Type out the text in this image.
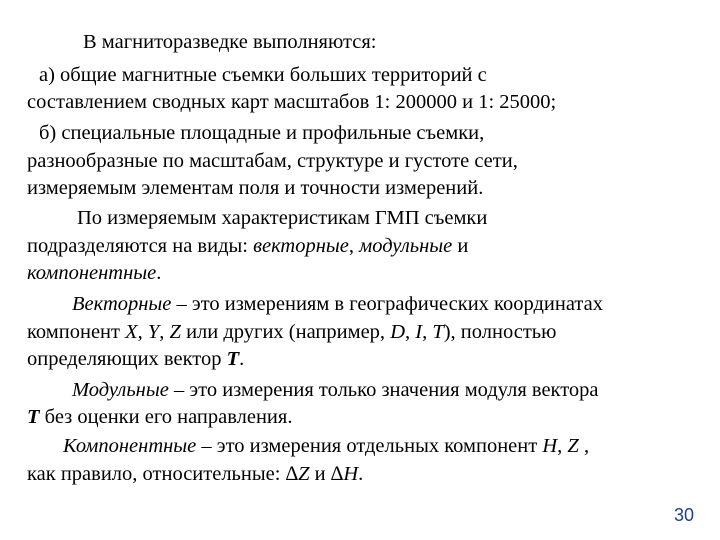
В магниторазведке выполняются:
а) общие магнитные съемки больших территорий с
составлением сводных карт масштабов 1: 200000 и 1: 25000;
б) специальные площадные и профильные съемки,
разнообразные по масштабам, структуре и густоте сети,
измеряемым элементам поля и точности измерений.
По измеряемым характеристикам ГМП съемки
подразделяются на виды: векторные, модульные и
компонентные.
Векторные – это измерениям в географических координатах
компонент X, Y, Z или других (например, D, I, T), полностью
определяющих вектор T.
Модульные – это измерения только значения модуля вектора
T без оценки его направления.
Компонентные – это измерения отдельных компонент H, Z ,
как правило, относительные: ∆Z и ∆H.
30
